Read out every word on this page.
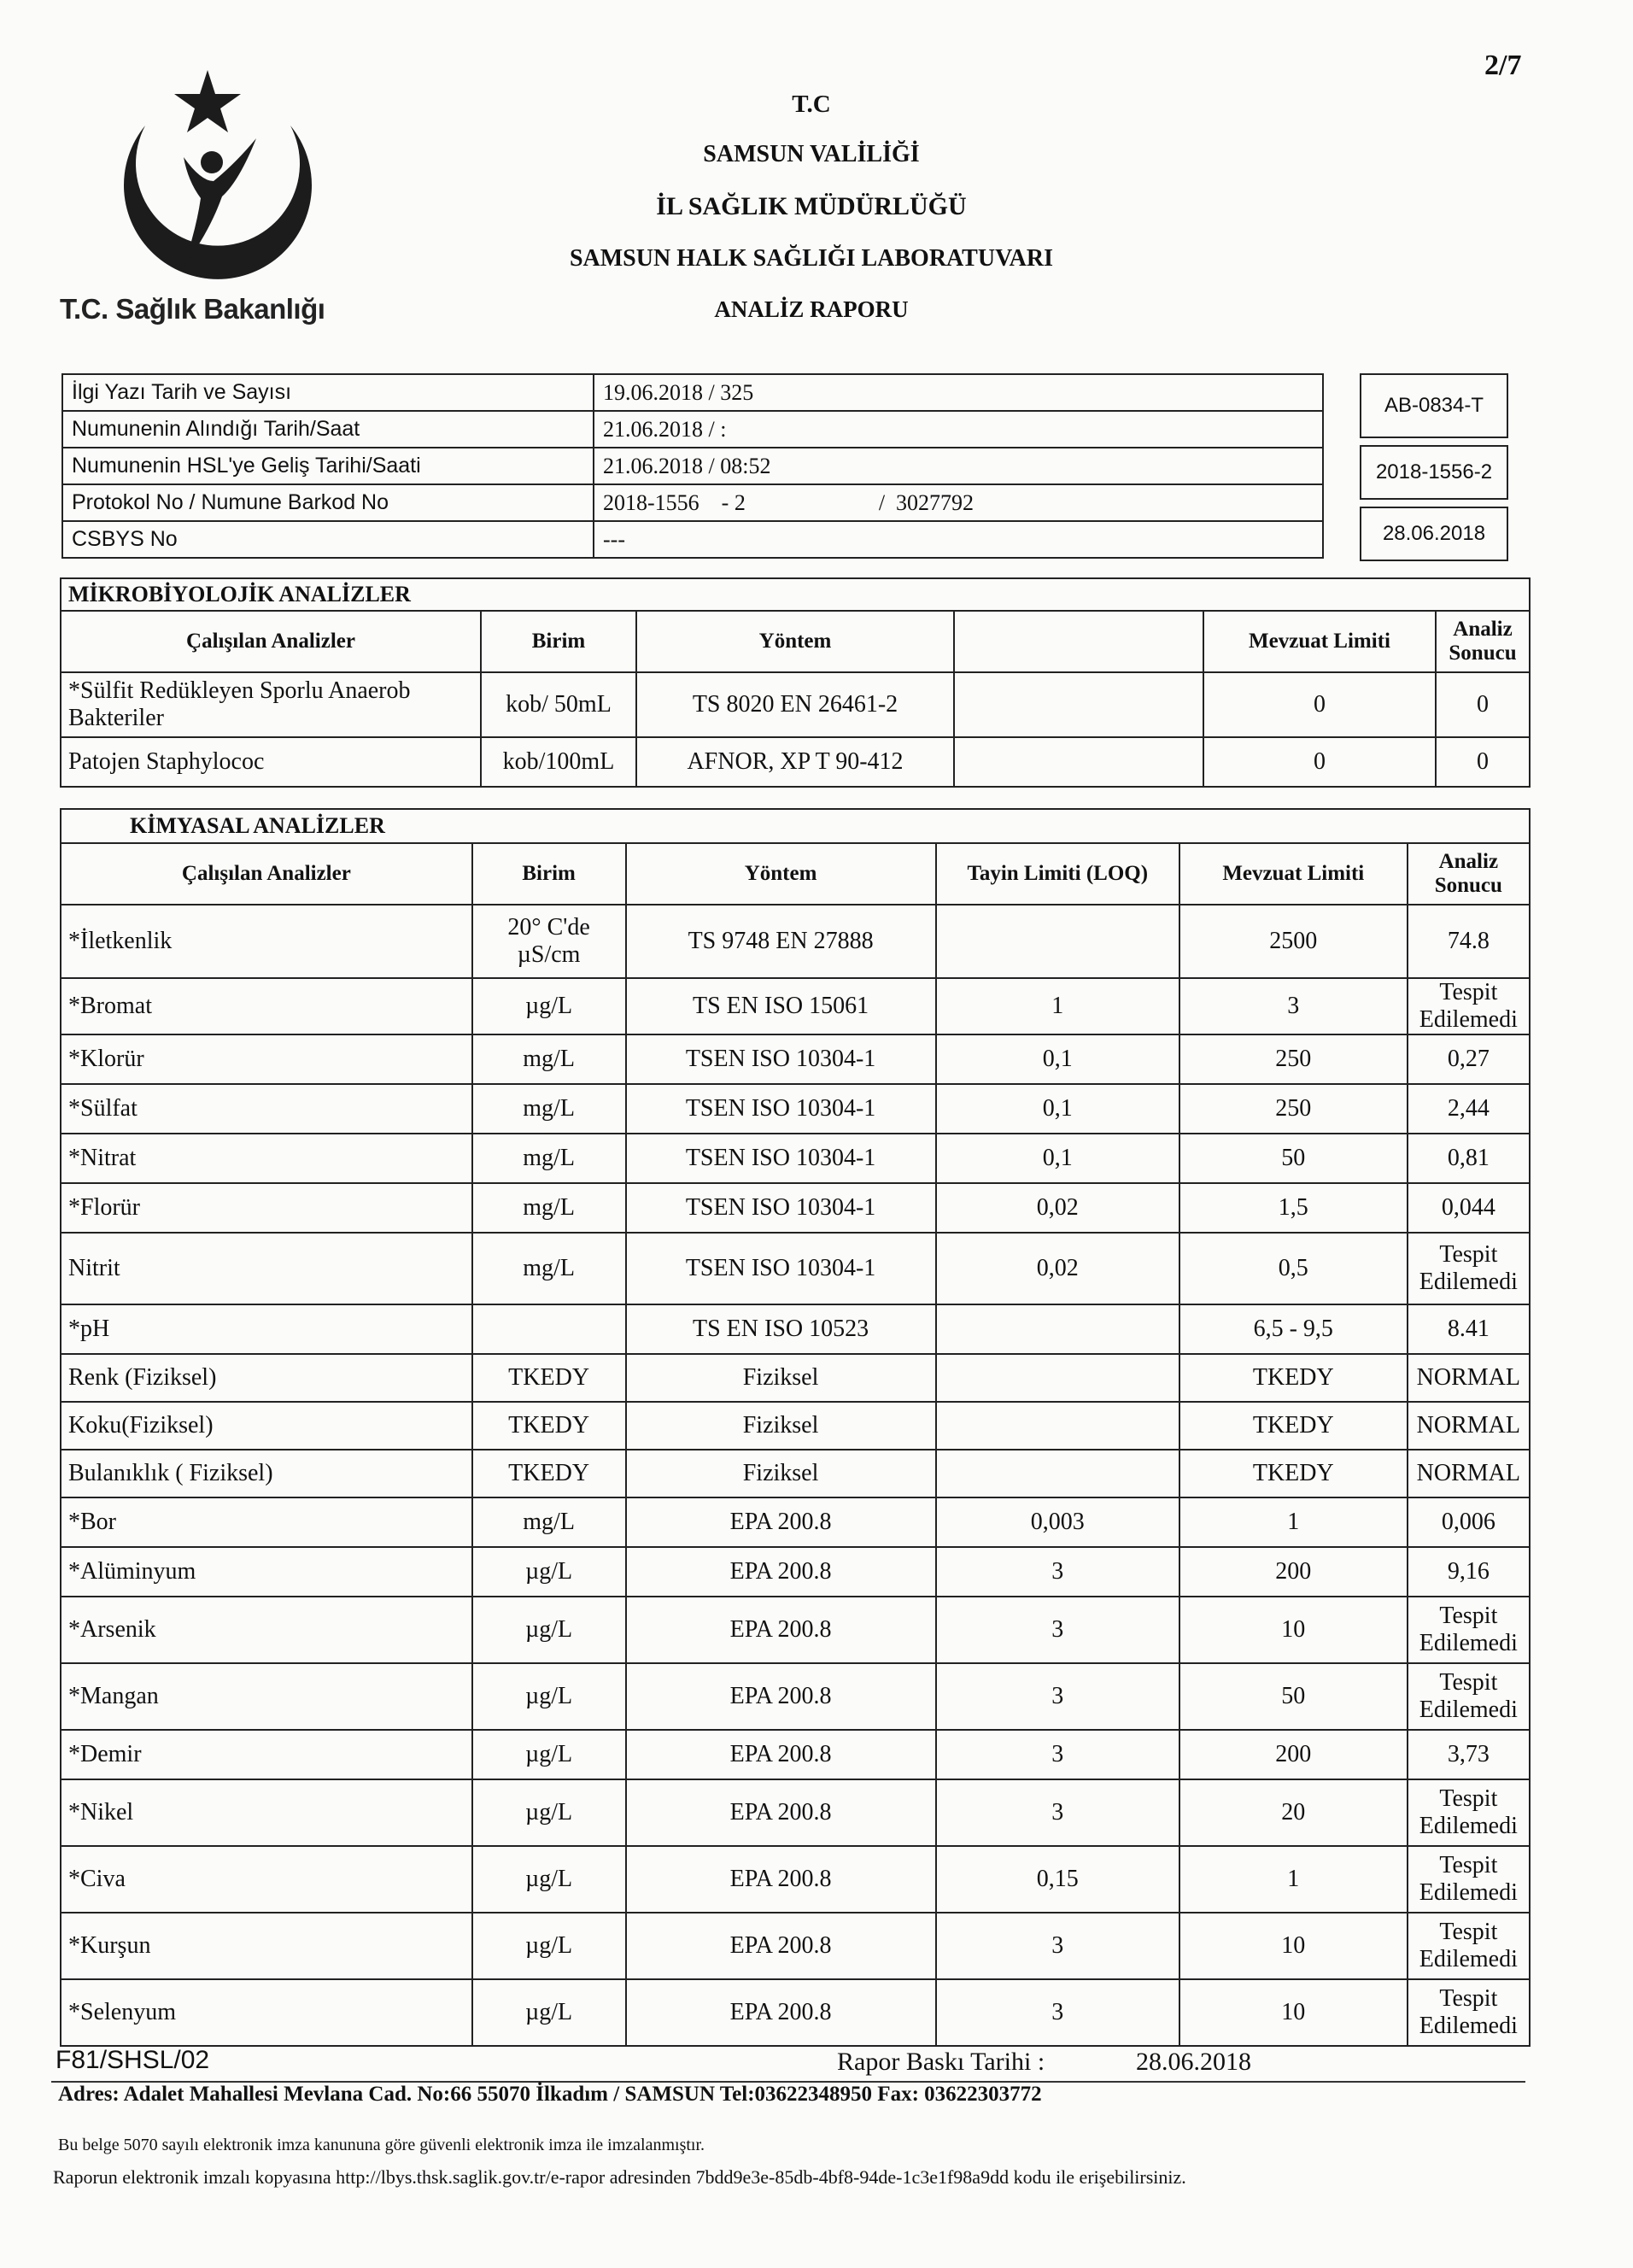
2/7
T.C. Sağlık Bakanlığı
T.C
SAMSUN VALİLİĞİ
İL SAĞLIK MÜDÜRLÜĞÜ
SAMSUN HALK SAĞLIĞI LABORATUVARI
ANALİZ RAPORU
İlgi Yazı Tarih ve Sayısı	19.06.2018 / 325
Numunenin Alındığı Tarih/Saat	21.06.2018 / :
Numunenin HSL'ye Geliş Tarihi/Saati	21.06.2018 / 08:52
Protokol No / Numune Barkod No	2018-1556    - 2                        /  3027792
CSBYS No	---
AB-0834-T
2018-1556-2
28.06.2018
MİKROBİYOLOJİK ANALİZLER					
Çalışılan Analizler	Birim	Yöntem		Mevzuat Limiti	Analiz Sonucu
*Sülfit Redükleyen Sporlu Anaerob Bakteriler	kob/ 50mL	TS 8020 EN 26461-2		0	0
Patojen Staphylococ	kob/100mL	AFNOR, XP T 90-412		0	0
KİMYASAL ANALİZLER					
Çalışılan Analizler	Birim	Yöntem	Tayin Limiti (LOQ)	Mevzuat Limiti	Analiz Sonucu
*İletkenlik	20° C'de µS/cm	TS 9748 EN 27888		2500	74.8
*Bromat	µg/L	TS EN ISO 15061	1	3	Tespit Edilemedi
*Klorür	mg/L	TSEN ISO 10304-1	0,1	250	0,27
*Sülfat	mg/L	TSEN ISO 10304-1	0,1	250	2,44
*Nitrat	mg/L	TSEN ISO 10304-1	0,1	50	0,81
*Florür	mg/L	TSEN ISO 10304-1	0,02	1,5	0,044
Nitrit	mg/L	TSEN ISO 10304-1	0,02	0,5	Tespit Edilemedi
*pH		TS EN ISO 10523		6,5 - 9,5	8.41
Renk (Fiziksel)	TKEDY	Fiziksel		TKEDY	NORMAL
Koku(Fiziksel)	TKEDY	Fiziksel		TKEDY	NORMAL
Bulanıklık ( Fiziksel)	TKEDY	Fiziksel		TKEDY	NORMAL
*Bor	mg/L	EPA 200.8	0,003	1	0,006
*Alüminyum	µg/L	EPA 200.8	3	200	9,16
*Arsenik	µg/L	EPA 200.8	3	10	Tespit Edilemedi
*Mangan	µg/L	EPA 200.8	3	50	Tespit Edilemedi
*Demir	µg/L	EPA 200.8	3	200	3,73
*Nikel	µg/L	EPA 200.8	3	20	Tespit Edilemedi
*Civa	µg/L	EPA 200.8	0,15	1	Tespit Edilemedi
*Kurşun	µg/L	EPA 200.8	3	10	Tespit Edilemedi
*Selenyum	µg/L	EPA 200.8	3	10	Tespit Edilemedi
F81/SHSL/02	Rapor Baskı Tarihi :	28.06.2018
Adres: Adalet Mahallesi Mevlana Cad. No:66 55070 İlkadım / SAMSUN Tel:03622348950 Fax: 03622303772
Bu belge 5070 sayılı elektronik imza kanununa göre güvenli elektronik imza ile imzalanmıştır.
Raporun elektronik imzalı kopyasına http://lbys.thsk.saglik.gov.tr/e-rapor adresinden 7bdd9e3e-85db-4bf8-94de-1c3e1f98a9dd kodu ile erişebilirsiniz.
